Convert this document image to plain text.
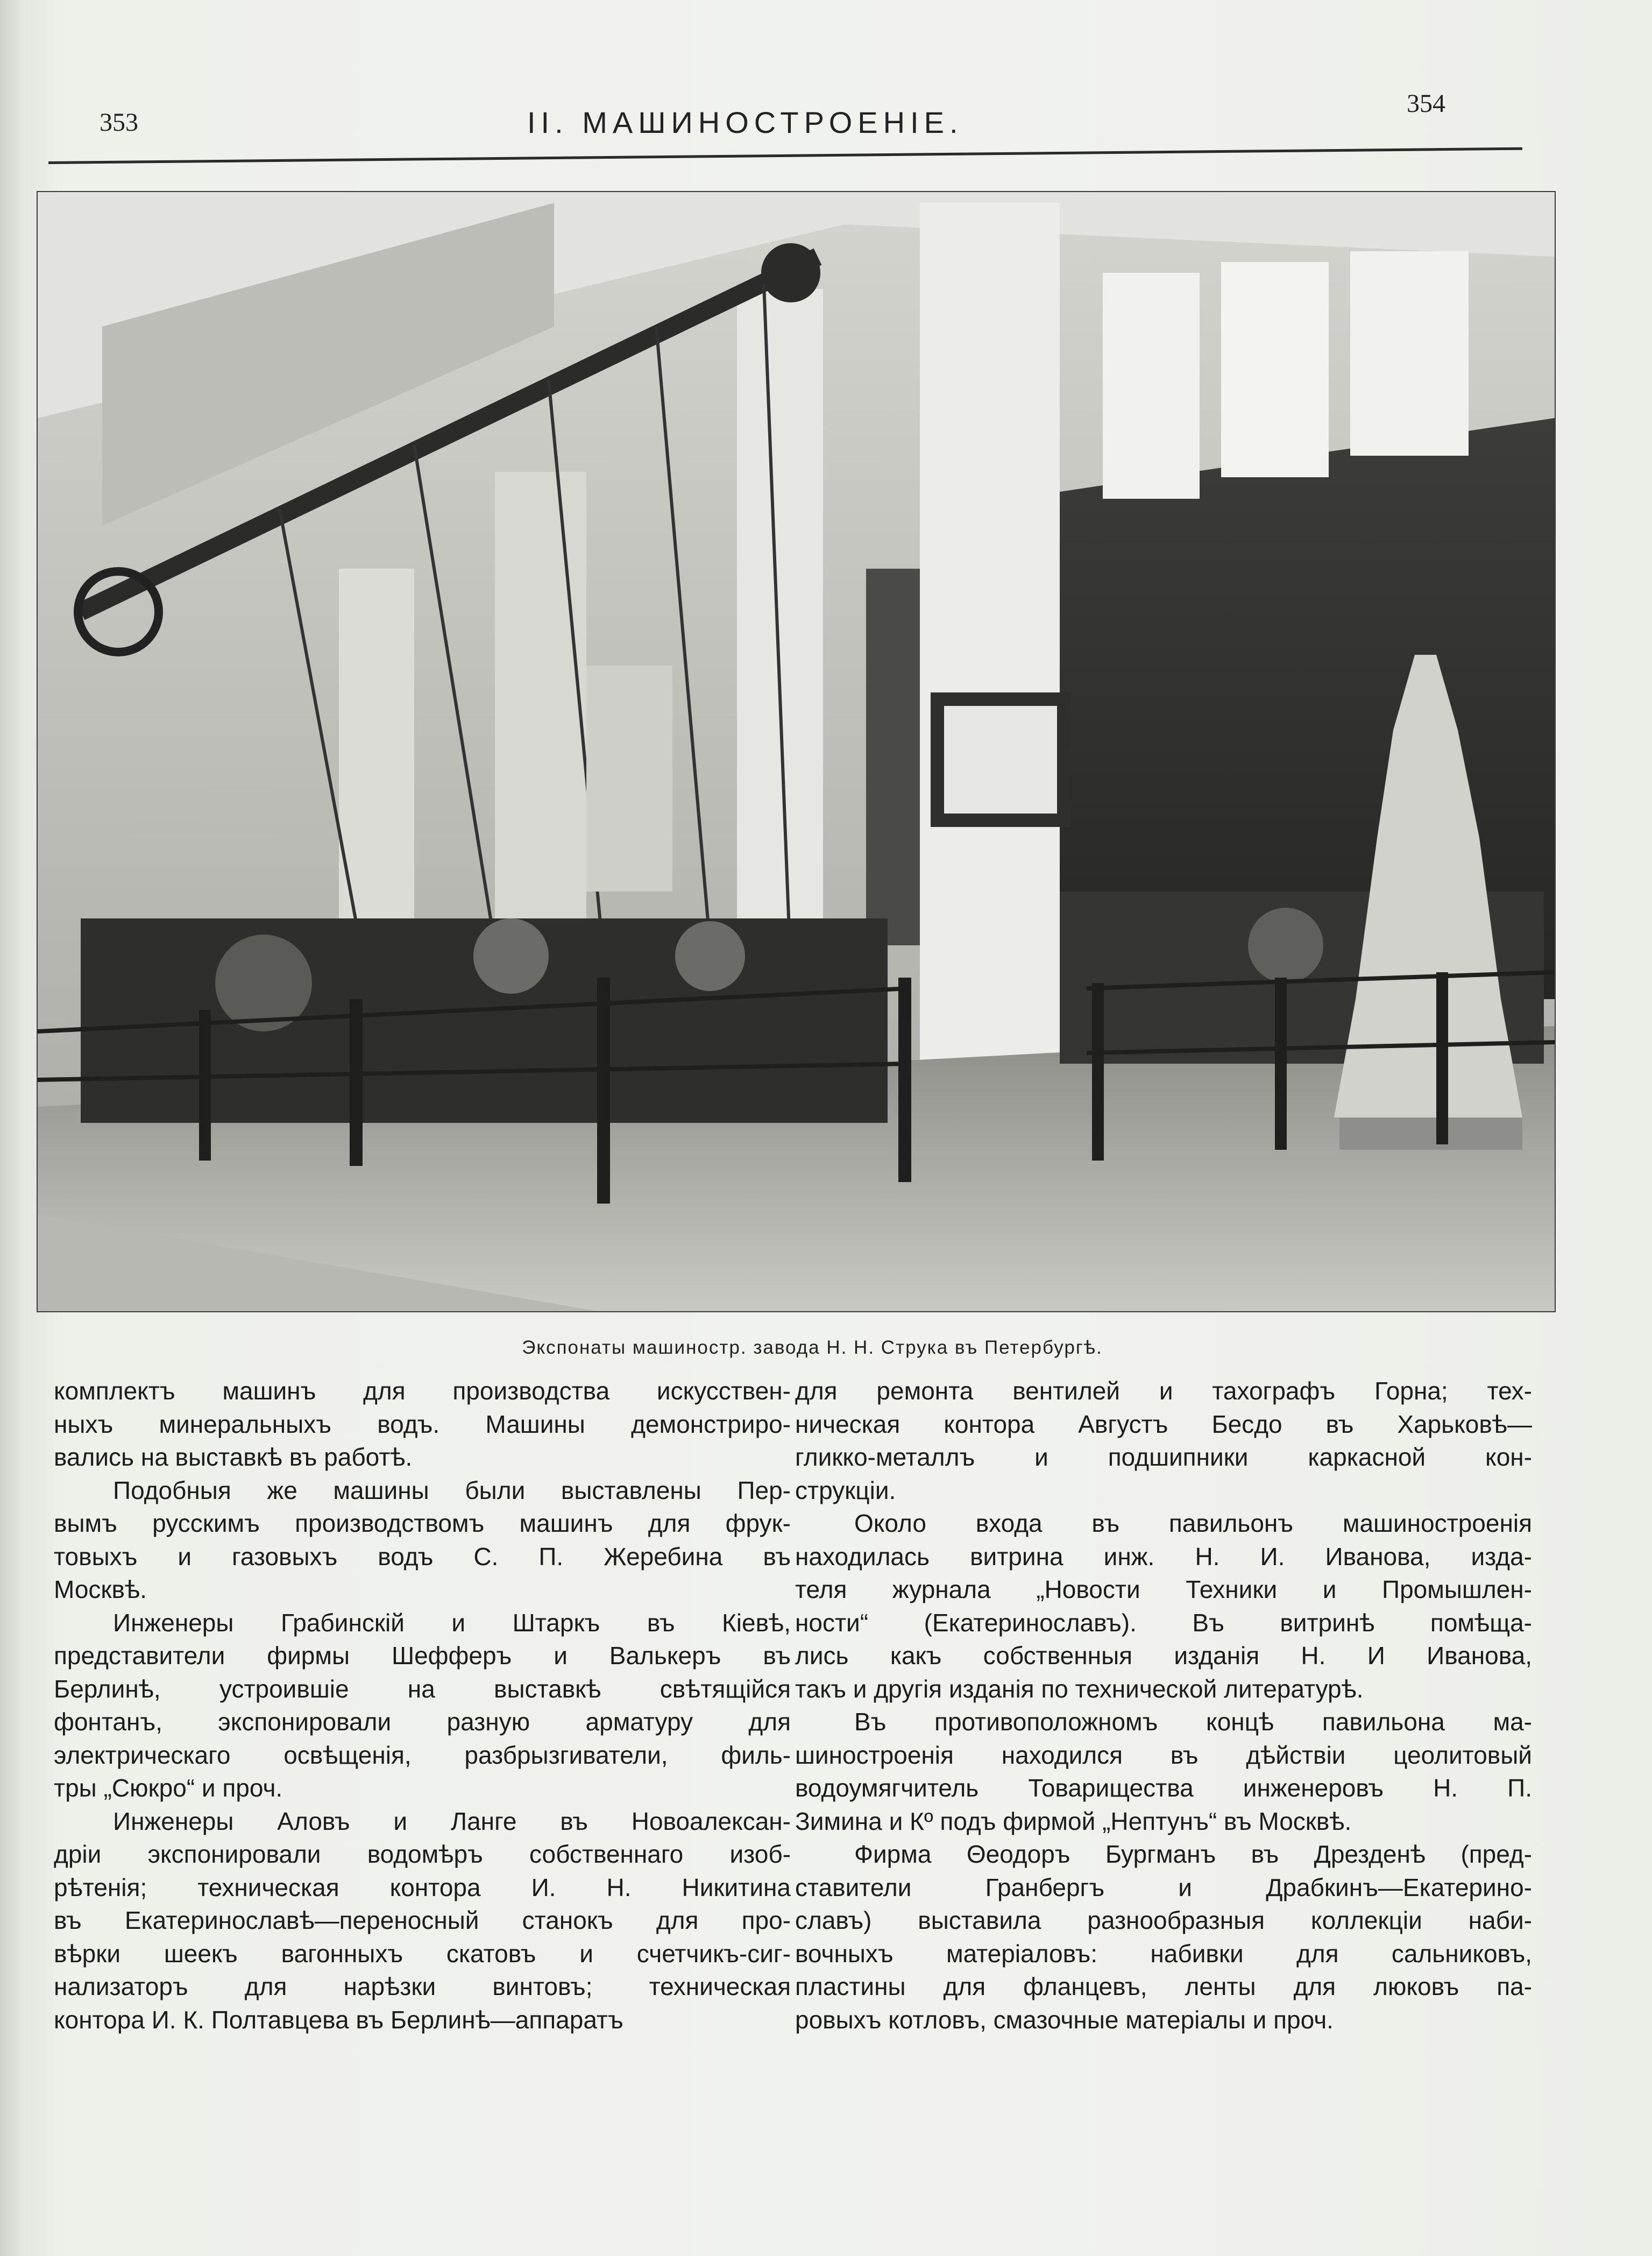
353	II. МАШИНОСТРОЕНІЕ.
354
Экспонаты машиностр. завода Н. Н. Струка въ Петербургѣ.
комплектъ машинъ для производства искусствен-
ныхъ минеральныхъ водъ. Машины демонстриро-
вались на выставкѣ въ работѣ.
Подобныя же машины были выставлены Пер-
вымъ русскимъ производствомъ машинъ для фрук-
товыхъ и газовыхъ водъ С. П. Жеребина въ
Москвѣ.
Инженеры Грабинскій и Штаркъ въ Кіевѣ,
представители фирмы Шефферъ и Валькеръ въ
Берлинѣ, устроившіе на выставкѣ свѣтящійся
фонтанъ, экспонировали разную арматуру для
электрическаго освѣщенія, разбрызгиватели, филь-
тры „Сюкро“ и проч.
Инженеры Аловъ и Ланге въ Новоалексан-
дріи экспонировали водомѣръ собственнаго изоб-
рѣтенія; техническая контора И. Н. Никитина
въ Екатеринославѣ—переносный станокъ для про-
вѣрки шеекъ вагонныхъ скатовъ и счетчикъ-сиг-
нализаторъ для нарѣзки винтовъ; техническая
контора И. К. Полтавцева въ Берлинѣ—аппаратъ
для ремонта вентилей и тахографъ Горна; тех-
ническая контора Августъ Бесдо въ Харьковѣ—
гликко-металлъ и подшипники каркасной кон-
струкціи.
Около входа въ павильонъ машиностроенія
находилась витрина инж. Н. И. Иванова, изда-
теля журнала „Новости Техники и Промышлен-
ности“ (Екатеринославъ). Въ витринѣ помѣща-
лись какъ собственныя изданія Н. И Иванова,
такъ и другія изданія по технической литературѣ.
Въ противоположномъ концѣ павильона ма-
шиностроенія находился въ дѣйствіи цеолитовый
водоумягчитель Товарищества инженеровъ Н. П.
Зимина и Кº подъ фирмой „Нептунъ“ въ Москвѣ.
Фирма Θеодоръ Бургманъ въ Дрезденѣ (пред-
ставители Гранбергъ и Драбкинъ—Екатерино-
славъ) выставила разнообразныя коллекціи наби-
вочныхъ матеріаловъ: набивки для сальниковъ,
пластины для фланцевъ, ленты для люковъ па-
ровыхъ котловъ, смазочные матеріалы и проч.
